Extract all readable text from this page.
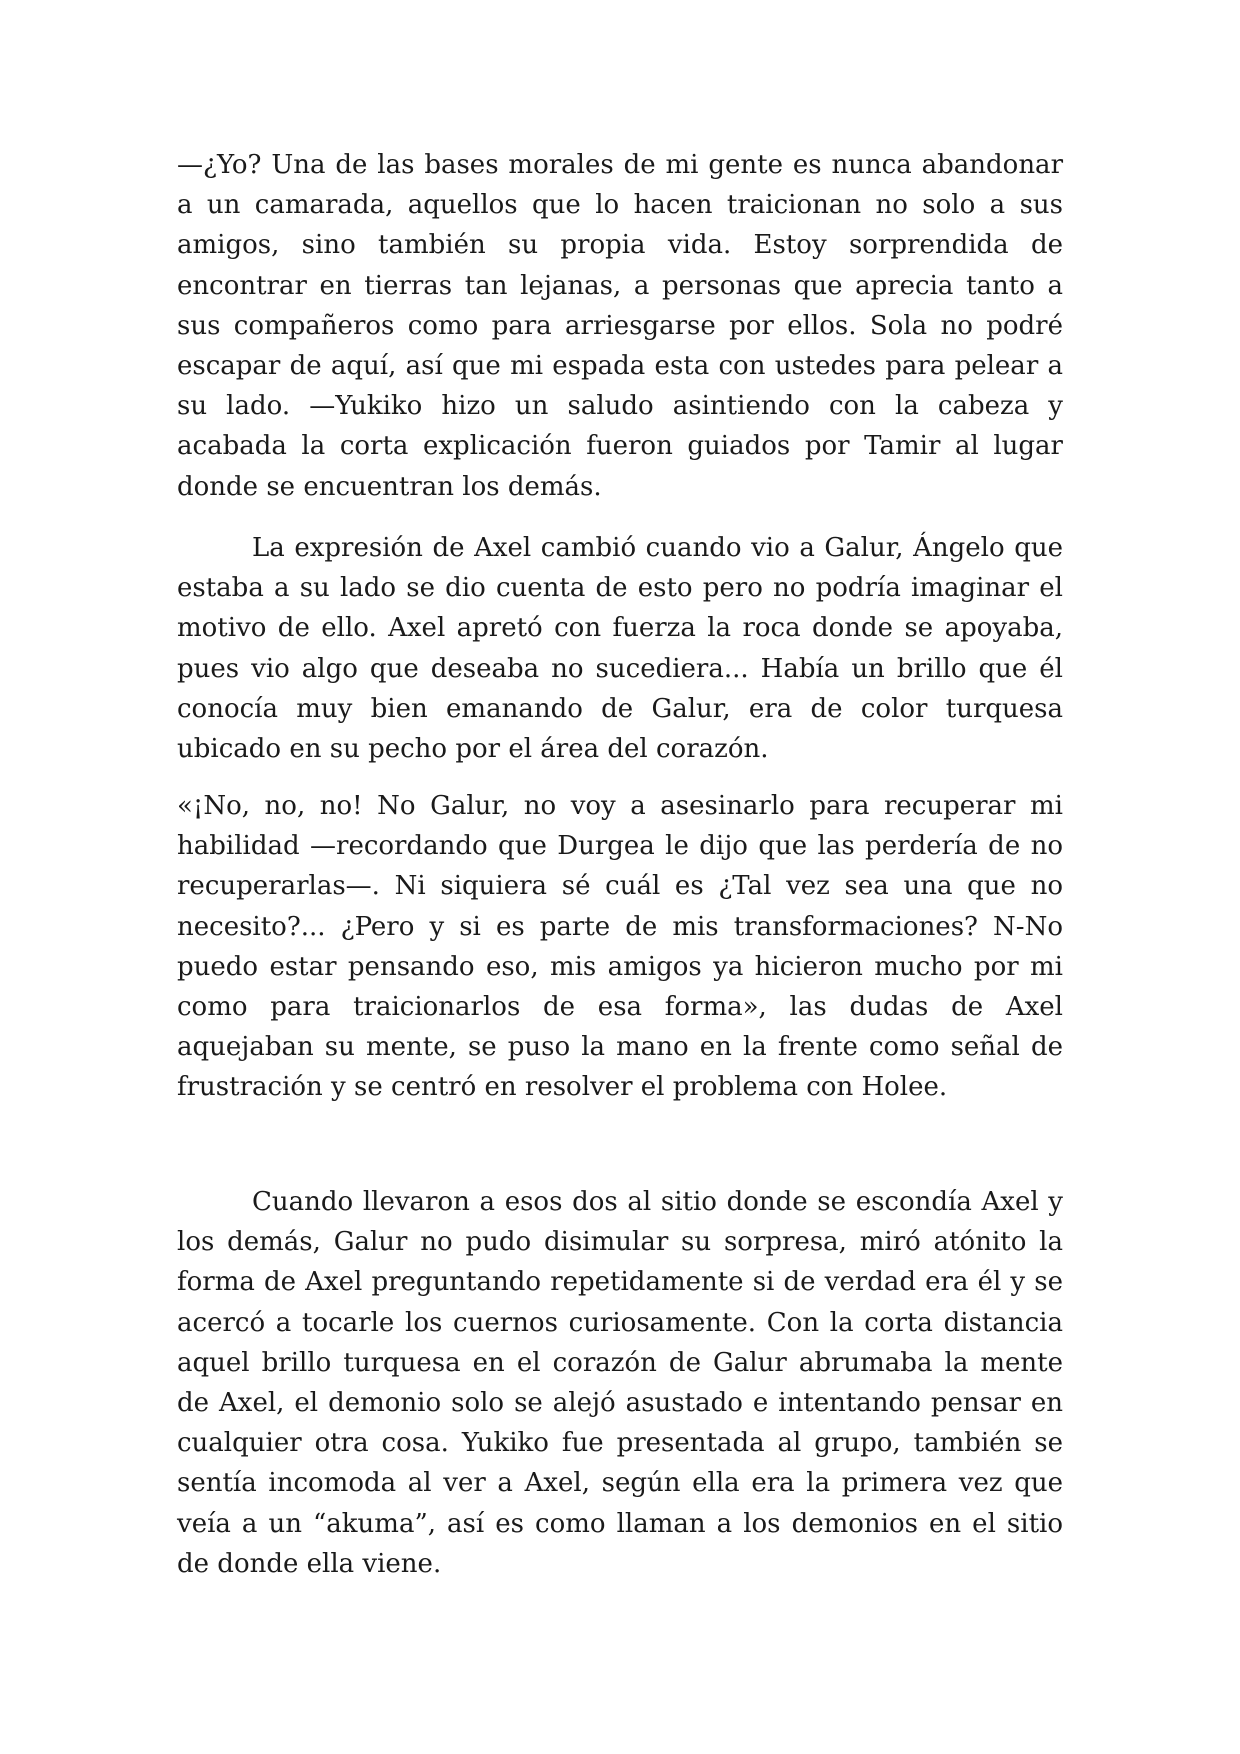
—¿Yo? Una de las bases morales de mi gente es nunca abandonar a un camarada, aquellos que lo hacen traicionan no solo a sus amigos, sino también su propia vida. Estoy sorprendida de encontrar en tierras tan lejanas, a personas que aprecia tanto a sus compañeros como para arriesgarse por ellos. Sola no podré escapar de aquí, así que mi espada esta con ustedes para pelear a su lado. —Yukiko hizo un saludo asintiendo con la cabeza y acabada la corta explicación fueron guiados por Tamir al lugar donde se encuentran los demás.

La expresión de Axel cambió cuando vio a Galur, Ángelo que estaba a su lado se dio cuenta de esto pero no podría imaginar el motivo de ello. Axel apretó con fuerza la roca donde se apoyaba, pues vio algo que deseaba no sucediera... Había un brillo que él conocía muy bien emanando de Galur, era de color turquesa ubicado en su pecho por el área del corazón.

«¡No, no, no! No Galur, no voy a asesinarlo para recuperar mi habilidad —recordando que Durgea le dijo que las perdería de no recuperarlas—. Ni siquiera sé cuál es ¿Tal vez sea una que no necesito?... ¿Pero y si es parte de mis transformaciones? N-No puedo estar pensando eso, mis amigos ya hicieron mucho por mi como para traicionarlos de esa forma», las dudas de Axel aquejaban su mente, se puso la mano en la frente como señal de frustración y se centró en resolver el problema con Holee.

Cuando llevaron a esos dos al sitio donde se escondía Axel y los demás, Galur no pudo disimular su sorpresa, miró atónito la forma de Axel preguntando repetidamente si de verdad era él y se acercó a tocarle los cuernos curiosamente. Con la corta distancia aquel brillo turquesa en el corazón de Galur abrumaba la mente de Axel, el demonio solo se alejó asustado e intentando pensar en cualquier otra cosa. Yukiko fue presentada al grupo, también se sentía incomoda al ver a Axel, según ella era la primera vez que veía a un “akuma”, así es como llaman a los demonios en el sitio de donde ella viene.
